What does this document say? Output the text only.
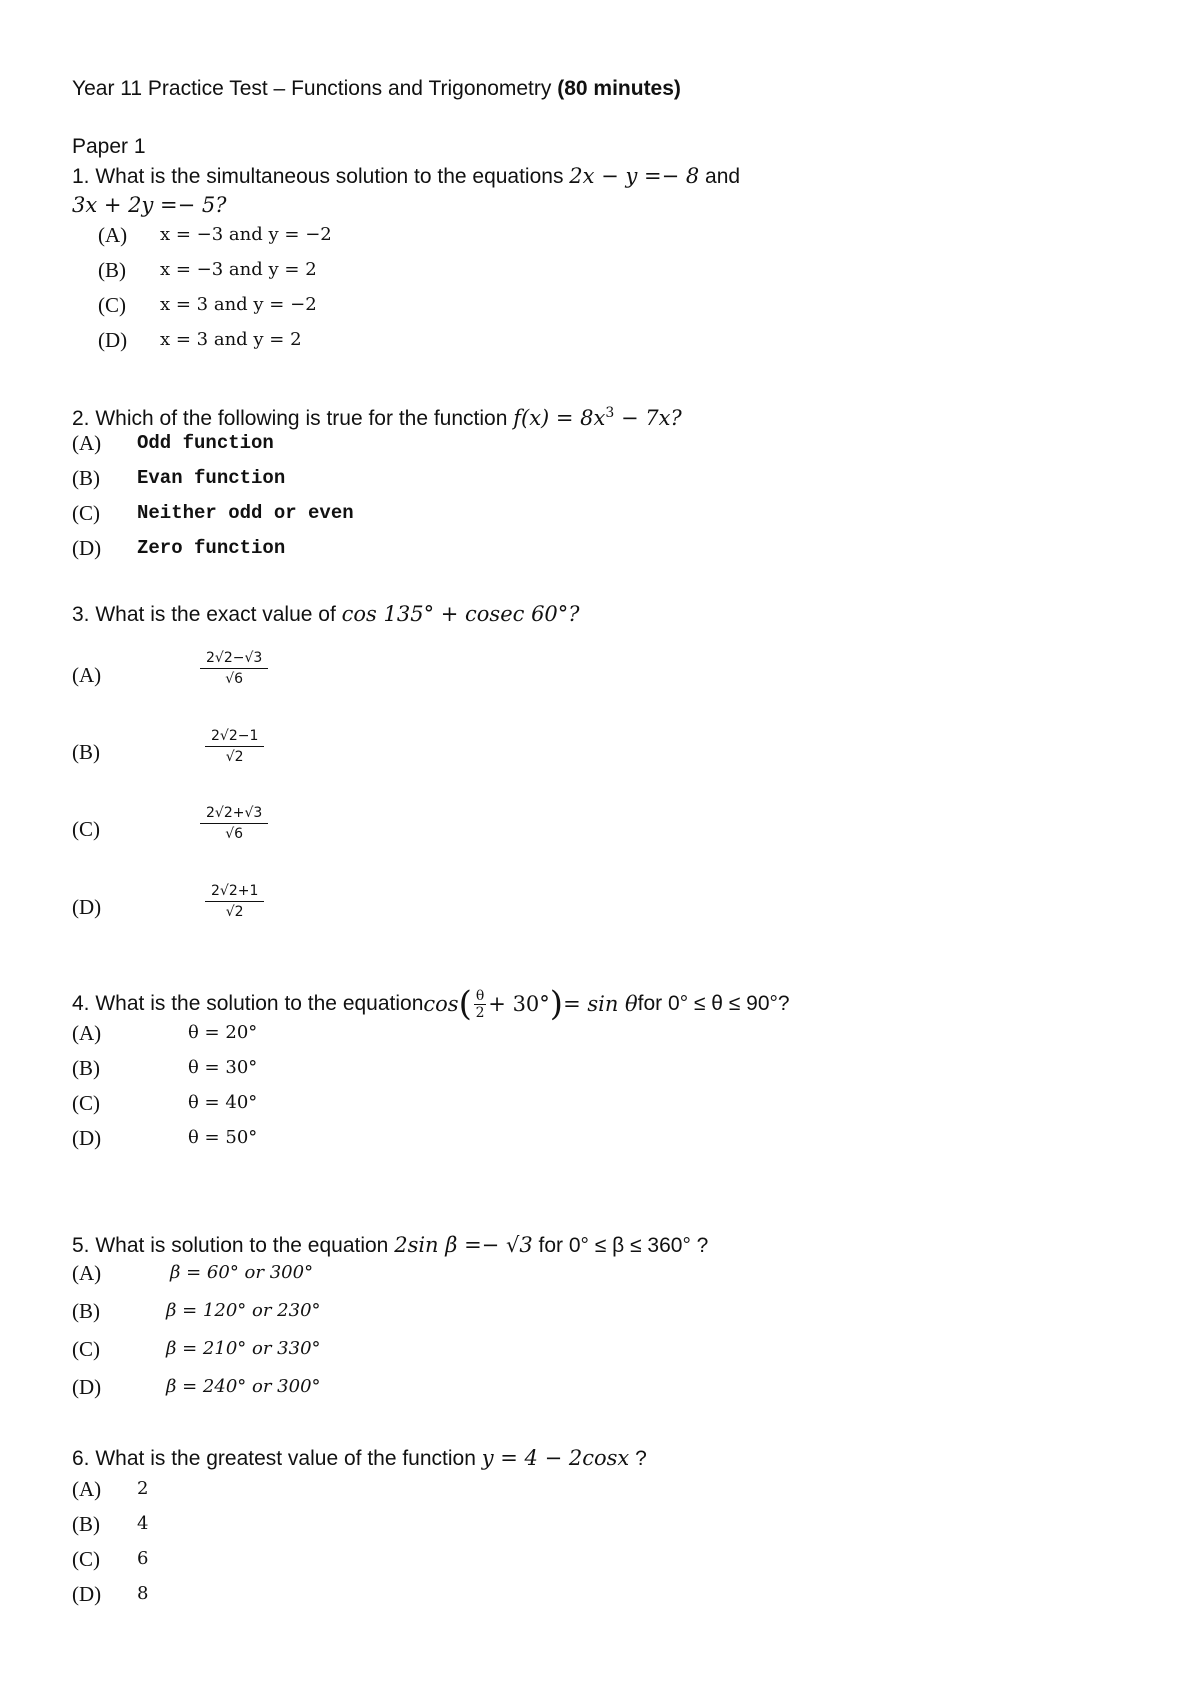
Year 11 Practice Test – Functions and Trigonometry (80 minutes)
Paper 1
1. What is the simultaneous solution to the equations 2x − y =− 8 and
3x + 2y =− 5?
(A) x = −3 and y = −2
(B) x = −3 and y = 2
(C) x = 3 and y = −2
(D) x = 3 and y = 2
2. Which of the following is true for the function $f(x) = 8x^3 - 7x$?
(A) Odd function
(B) Evan function
(C) Neither odd or even
(D) Zero function
3. What is the exact value of cos 135° + cosec 60°?
(A)	$\frac{2√2-√3}{√6}$
(B)	$\frac{2√2-1}{√2}$
(C)	$\frac{2√2+√3}{√6}$
(D)	$\frac{2√2+1}{√2}$
4. What is the solution to the equation cos ( $\frac{\theta}{2} + 30^\circ$ ) = sin θ for 0° ≤ θ ≤ 90°?
(A)	θ = 20°
(B)	θ = 30°
(C)	θ = 40°
(D)	θ = 50°
5. What is solution to the equation 2sin β =− √3 for 0° ≤ β ≤ 360° ?
(A)	β = 60° or 300°
(B)	β = 120° or 230°
(C)	β = 210° or 330°
(D)	β = 240° or 300°
6. What is the greatest value of the function y = 4 − 2cosx ?
(A) 2
(B) 4
(C) 6
(D) 8
